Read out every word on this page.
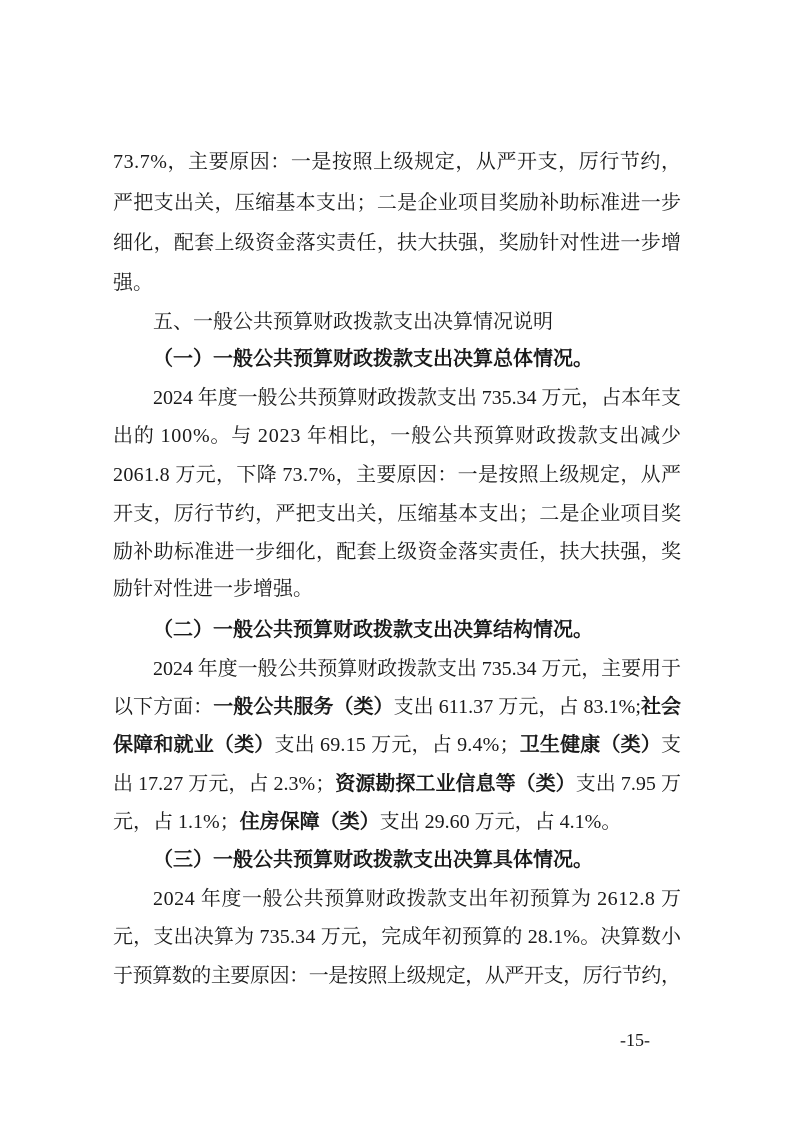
73.7%，主要原因：一是按照上级规定，从严开支，厉行节约，
严把支出关，压缩基本支出；二是企业项目奖励补助标准进一步
细化，配套上级资金落实责任，扶大扶强，奖励针对性进一步增
强。
五、一般公共预算财政拨款支出决算情况说明
（一）一般公共预算财政拨款支出决算总体情况。
2024 年度一般公共预算财政拨款支出 735.34 万元，占本年支
出的 100%。与 2023 年相比，一般公共预算财政拨款支出减少
2061.8 万元，下降 73.7%，主要原因：一是按照上级规定，从严
开支，厉行节约，严把支出关，压缩基本支出；二是企业项目奖
励补助标准进一步细化，配套上级资金落实责任，扶大扶强，奖
励针对性进一步增强。
（二）一般公共预算财政拨款支出决算结构情况。
2024 年度一般公共预算财政拨款支出 735.34 万元，主要用于
以下方面：一般公共服务（类）支出 611.37 万元，占 83.1%;社会
保障和就业（类）支出 69.15 万元，占 9.4%；卫生健康（类）支
出 17.27 万元，占 2.3%；资源勘探工业信息等（类）支出 7.95 万
元，占 1.1%；住房保障（类）支出 29.60 万元，占 4.1%。
（三）一般公共预算财政拨款支出决算具体情况。
2024 年度一般公共预算财政拨款支出年初预算为 2612.8 万
元，支出决算为 735.34 万元，完成年初预算的 28.1%。决算数小
于预算数的主要原因：一是按照上级规定，从严开支，厉行节约，
-15-
